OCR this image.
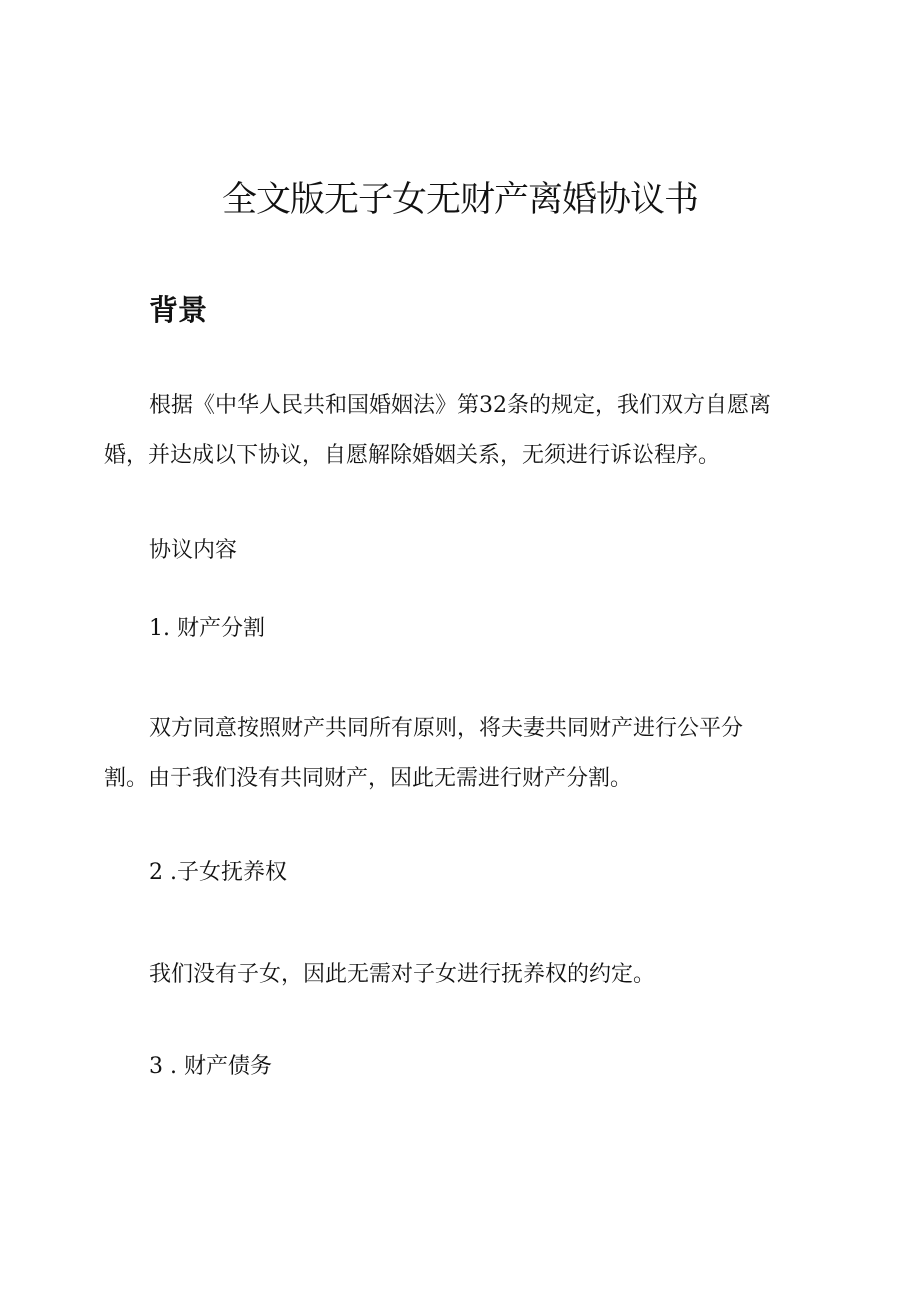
全文版无子女无财产离婚协议书
背景

根据《中华人民共和国婚姻法》第32条的规定，我们双方自愿离
婚，并达成以下协议，自愿解除婚姻关系，无须进行诉讼程序。

协议内容

1. 财产分割

双方同意按照财产共同所有原则，将夫妻共同财产进行公平分
割。由于我们没有共同财产，因此无需进行财产分割。

2 .子女抚养权

我们没有子女，因此无需对子女进行抚养权的约定。

3 . 财产债务
